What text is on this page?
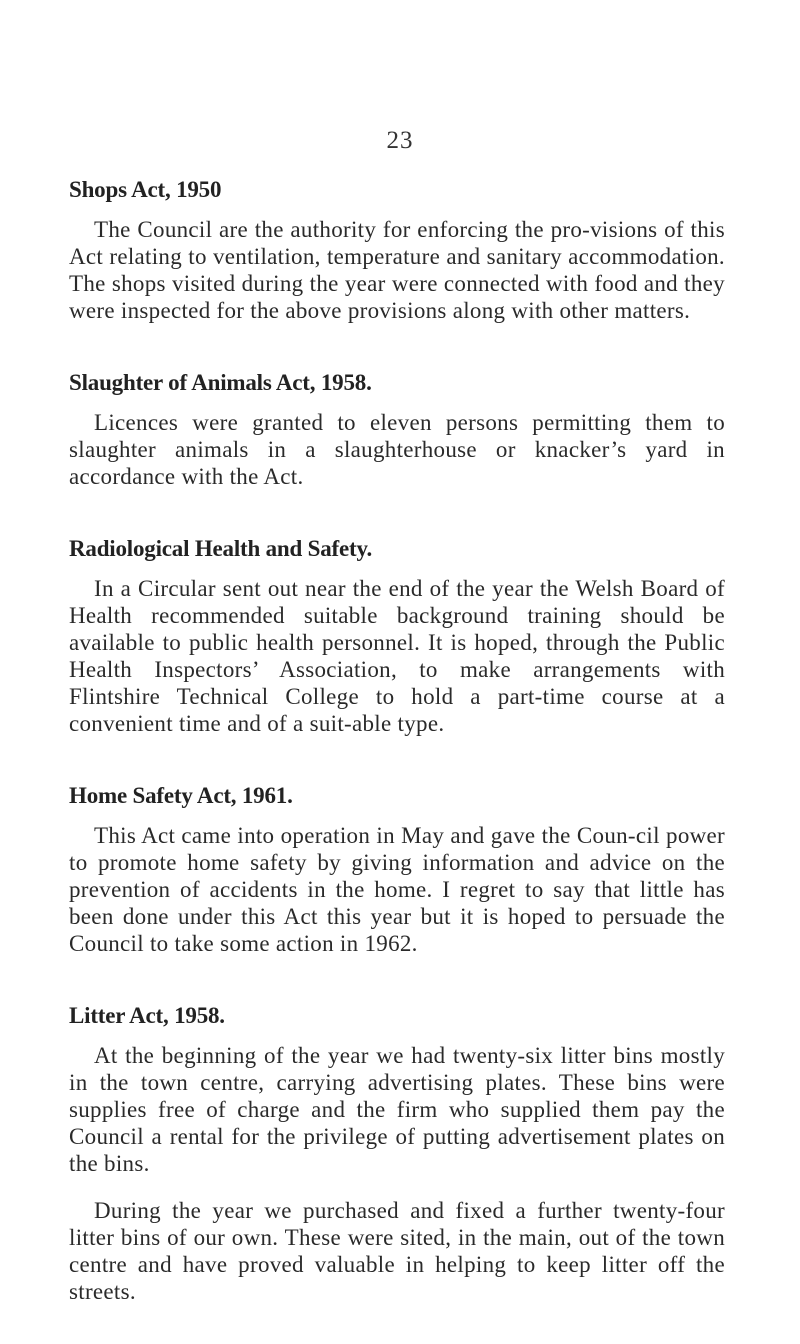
23
Shops Act, 1950

The Council are the authority for enforcing the pro-visions of this Act relating to ventilation, temperature and sanitary accommodation. The shops visited during the year were connected with food and they were inspected for the above provisions along with other matters.

Slaughter of Animals Act, 1958.

Licences were granted to eleven persons permitting them to slaughter animals in a slaughterhouse or knacker’s yard in accordance with the Act.

Radiological Health and Safety.

In a Circular sent out near the end of the year the Welsh Board of Health recommended suitable background training should be available to public health personnel. It is hoped, through the Public Health Inspectors’ Association, to make arrangements with Flintshire Technical College to hold a part-time course at a convenient time and of a suit-able type.

Home Safety Act, 1961.

This Act came into operation in May and gave the Coun-cil power to promote home safety by giving information and advice on the prevention of accidents in the home. I regret to say that little has been done under this Act this year but it is hoped to persuade the Council to take some action in 1962.

Litter Act, 1958.

At the beginning of the year we had twenty-six litter bins mostly in the town centre, carrying advertising plates. These bins were supplies free of charge and the firm who supplied them pay the Council a rental for the privilege of putting advertisement plates on the bins.

During the year we purchased and fixed a further twenty-four litter bins of our own. These were sited, in the main, out of the town centre and have proved valuable in helping to keep litter off the streets.
